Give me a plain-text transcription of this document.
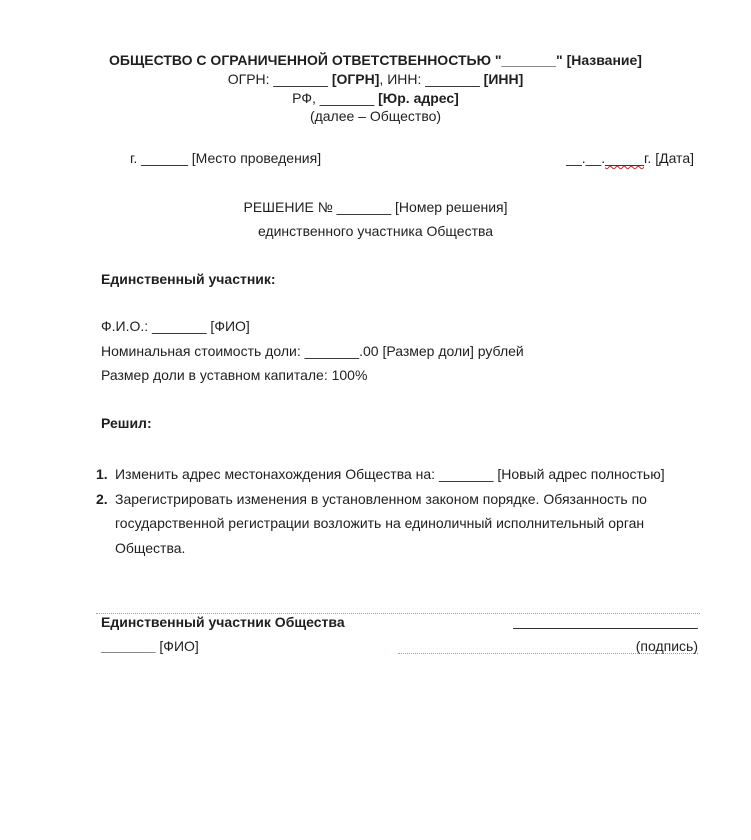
ОБЩЕСТВО С ОГРАНИЧЕННОЙ ОТВЕТСТВЕННОСТЬЮ "_______" [Название]
ОГРН: _______ [ОГРН], ИНН: _______ [ИНН]
РФ, _______ [Юр. адрес]
(далее – Общество)
г. ______ [Место проведения]	__.__._____г. [Дата]
РЕШЕНИЕ № _______ [Номер решения]
единственного участника Общества
Единственный участник:
Ф.И.О.: _______ [ФИО]
Номинальная стоимость доли: _______.00 [Размер доли] рублей
Размер доли в уставном капитале: 100%
Решил:
1. Изменить адрес местонахождения Общества на: _______ [Новый адрес полностью]
2. Зарегистрировать изменения в установленном законом порядке. Обязанность по государственной регистрации возложить на единоличный исполнительный орган Общества.
Единственный участник Общества
_______ [ФИО]	(подпись)
